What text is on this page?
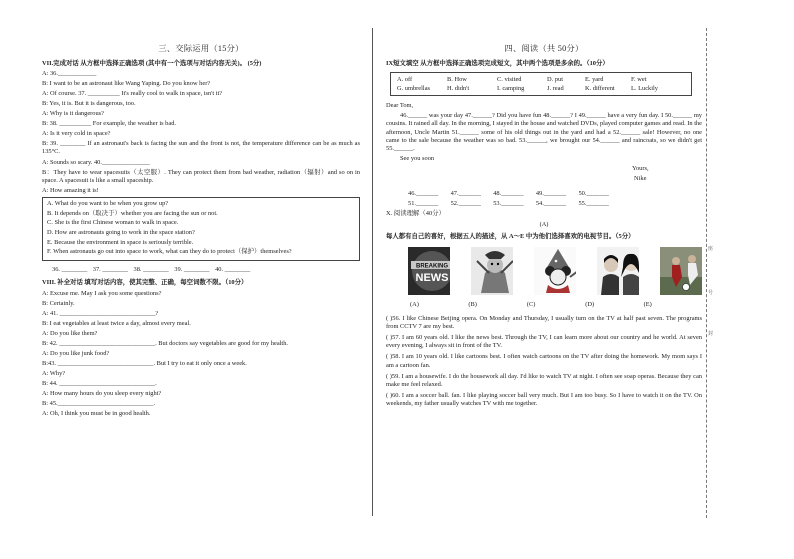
三、交际运用（15分）
VII.完成对话 从方框中选择正确选项 (其中有一个选项与对话内容无关)。 (5分)
A: 36.____________
B: I want to be an astronaut like Wang Yaping. Do you know her?
A: Of course. 37. __________ It's really cool to walk in space, isn't it?
B: Yes, it is. But it is dangerous, too.
A: Why is it dangerous?
B: 38. __________ For example, the weather is bad.
A: Is it very cold in space?
B: 39. ________ If an astronaut's back is facing the sun and the front is not, the temperature difference can be as much as 135°C.
A: Sounds so scary. 40._______________
B：They have to wear spacesuits（太空服）. They can protect them from bad weather, radiation（辐射）and so on in space. A spacesuit is like a small spaceship.
A: How amazing it is!
A. What do you want to be when you grow up?
B. It depends on（取决于）whether you are facing the sun or not.
C. She is the first Chinese woman to walk in space.
D. How are astronauts going to work in the space station?
E. Because the environment in space is seriously terrible.
F. When astronauts go out into space to work, what can they do to protect（保护）themselves?
36. ________ 37. ________ 38. ________ 39. ________ 40. ________
VIII. 补全对话 填写对话内容，使其完整、正确，每空词数不限。（10分）
A: Excuse me. May I ask you some questions?
B: Certainly.
A: 41. ______________________________?
B: I eat vegetables at least twice a day, almost every meal.
A: Do you like them?
B: 42. ______________________________. But doctors say vegetables are good for my health.
A: Do you like junk food?
B:43. ______________________________. But I try to eat it only once a week.
A: Why?
B: 44. ______________________________.
A: How many hours do you sleep every night?
B: 45.______________________________.
A: Oh, I think you must be in good health.
四、阅读（共 50分）
IX短文填空 从方框中选择正确选项完成短文，其中两个选项是多余的。（10分）
A. off	B. How	C. visited	D. put	E. yard	F. wet
G. umbrellas	H. didn't	I. camping	J. read	K. different	L. Luckily
Dear Tom,
46.______ was your day 47.______? Did you have fun 48.______? I 49.______ have a very fun day. I 50.______ my cousins. It rained all day. In the morning, I stayed in the house and watched DVDs, played computer games and read. In the afternoon, Uncle Martin 51.______ some of his old things out in the yard and had a 52.______ sale! However, no one came to the sale because the weather was so bad. 53.______, we brought our 54.______ and raincoats, so we didn't get 55.______.
See you soon
Yours,
Nike
46._______ 47._______ 48._______ 49._______ 50._______
51._______ 52._______ 53._______ 54._______ 55._______
X. 阅读理解（40分）
(A)
每人都有自己的喜好，根据五人的描述，从 A～E 中为他们选择喜欢的电视节目。（5分）
BREAKING
NEWS
(A)	(B)	(C)	(D)	(E)
( )56. I like Chinese Beijing opera. On Monday and Thursday, I usually turn on the TV at half past seven. The programs from CCTV 7 are my best.
( )57. I am 60 years old. I like the news best. Through the TV, I can learn more about our country and he world. At seven every evening, I always sit in front of the TV.
( )58. I am 10 years old. I like cartoons best. I often watch cartoons on the TV after doing the homework. My mom says I am a cartoon fan.
( )59. I am a housewife. I do the housework all day. I'd like to watch TV at night. I often see soap operas. Because they can make me feel relaxed.
( )60. I am a soccer ball. fan. I like playing soccer ball very much. But I am too busy. So I have to watch it on the TV. On weekends, my father usually watches TV with me together.
座
号
封
